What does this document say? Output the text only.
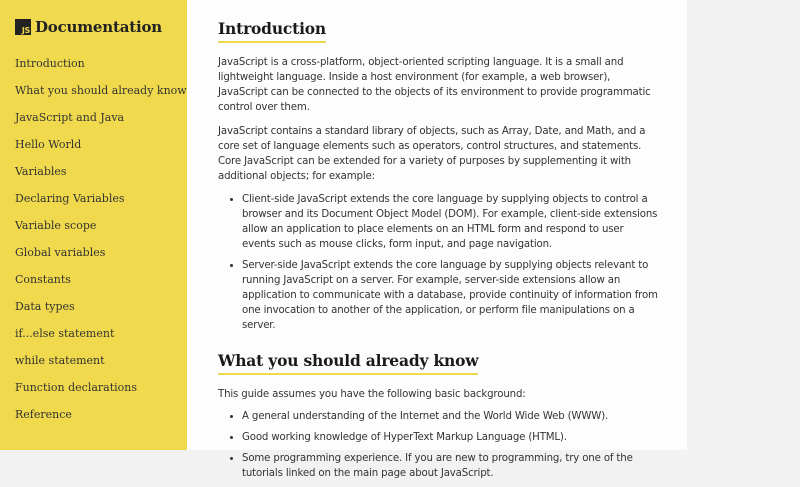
JS Documentation
Introduction
What you should already know
JavaScript and Java
Hello World
Variables
Declaring Variables
Variable scope
Global variables
Constants
Data types
if...else statement
while statement
Function declarations
Reference
Introduction

JavaScript is a cross-platform, object-oriented scripting language. It is a small and lightweight language. Inside a host environment (for example, a web browser), JavaScript can be connected to the objects of its environment to provide programmatic control over them.

JavaScript contains a standard library of objects, such as Array, Date, and Math, and a core set of language elements such as operators, control structures, and statements. Core JavaScript can be extended for a variety of purposes by supplementing it with additional objects; for example:

• Client-side JavaScript extends the core language by supplying objects to control a browser and its Document Object Model (DOM). For example, client-side extensions allow an application to place elements on an HTML form and respond to user events such as mouse clicks, form input, and page navigation.
• Server-side JavaScript extends the core language by supplying objects relevant to running JavaScript on a server. For example, server-side extensions allow an application to communicate with a database, provide continuity of information from one invocation to another of the application, or perform file manipulations on a server.
What you should already know

This guide assumes you have the following basic background:

• A general understanding of the Internet and the World Wide Web (WWW).
• Good working knowledge of HyperText Markup Language (HTML).
• Some programming experience. If you are new to programming, try one of the tutorials linked on the main page about JavaScript.
